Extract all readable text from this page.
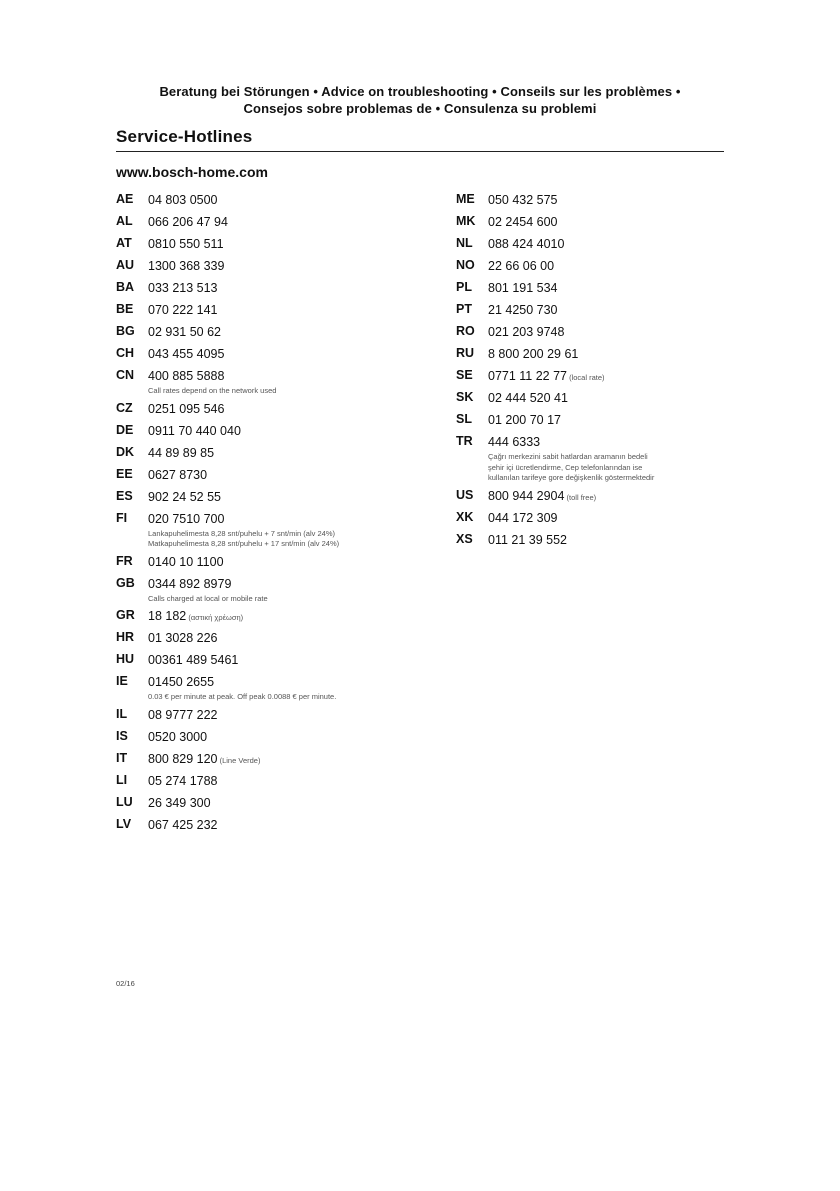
Beratung bei Störungen • Advice on troubleshooting • Conseils sur les problèmes •
Consejos sobre problemas de • Consulenza su problemi
Service-Hotlines
www.bosch-home.com
AE	04 803 0500
AL	066 206 47 94
AT	0810 550 511
AU	1300 368 339
BA	033 213 513
BE	070 222 141
BG	02 931 50 62
CH	043 455 4095
CN	400 885 5888
Call rates depend on the network used
CZ	0251 095 546
DE	0911 70 440 040
DK	44 89 89 85
EE	0627 8730
ES	902 24 52 55
FI	020 7510 700
Lankapuhelimesta 8,28 snt/puhelu + 7 snt/min (alv 24%)
Matkapuhelimesta 8,28 snt/puhelu + 17 snt/min (alv 24%)
FR	0140 10 1100
GB	0344 892 8979
Calls charged at local or mobile rate
GR	18 182 (αστική χρέωση)
HR	01 3028 226
HU	00361 489 5461
IE	01450 2655
0.03 € per minute at peak. Off peak 0.0088 € per minute.
IL	08 9777 222
IS	0520 3000
IT	800 829 120 (Line Verde)
LI	05 274 1788
LU	26 349 300
LV	067 425 232
ME	050 432 575
MK	02 2454 600
NL	088 424 4010
NO	22 66 06 00
PL	801 191 534
PT	21 4250 730
RO	021 203 9748
RU	8 800 200 29 61
SE	0771 11 22 77 (local rate)
SK	02 444 520 41
SL	01 200 70 17
TR	444 6333
Çağrı merkezini sabit hatlardan aramanın bedeli
şehir içi ücretlendirme, Cep telefonlarından ise
kullanılan tarifeye gore değişkenlik göstermektedir
US	800 944 2904 (toll free)
XK	044 172 309
XS	011 21 39 552
02/16
